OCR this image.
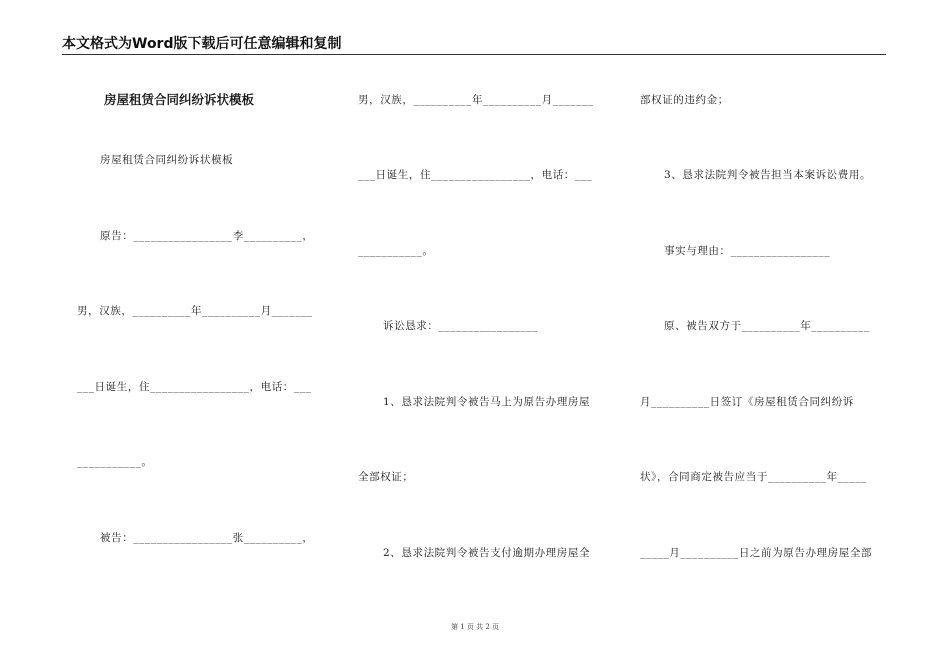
本文格式为Word版下载后可任意编辑和复制
房屋租赁合同纠纷诉状模板
房屋租赁合同纠纷诉状模板
原告：_________________李__________，
男，汉族，__________年__________月_______
___日诞生，住_________________，电话：___
___________。
被告：_________________张__________，
男，汉族，__________年__________月_______
___日诞生，住_________________，电话：___
___________。
诉讼恳求：_________________
1、恳求法院判令被告马上为原告办理房屋
全部权证；
2、恳求法院判令被告支付逾期办理房屋全
部权证的违约金；
3、恳求法院判令被告担当本案诉讼费用。
事实与理由：_________________
原、被告双方于__________年__________
月__________日签订《房屋租赁合同纠纷诉
状》，合同商定被告应当于__________年_____
_____月__________日之前为原告办理房屋全部
第 1 页 共 2 页
